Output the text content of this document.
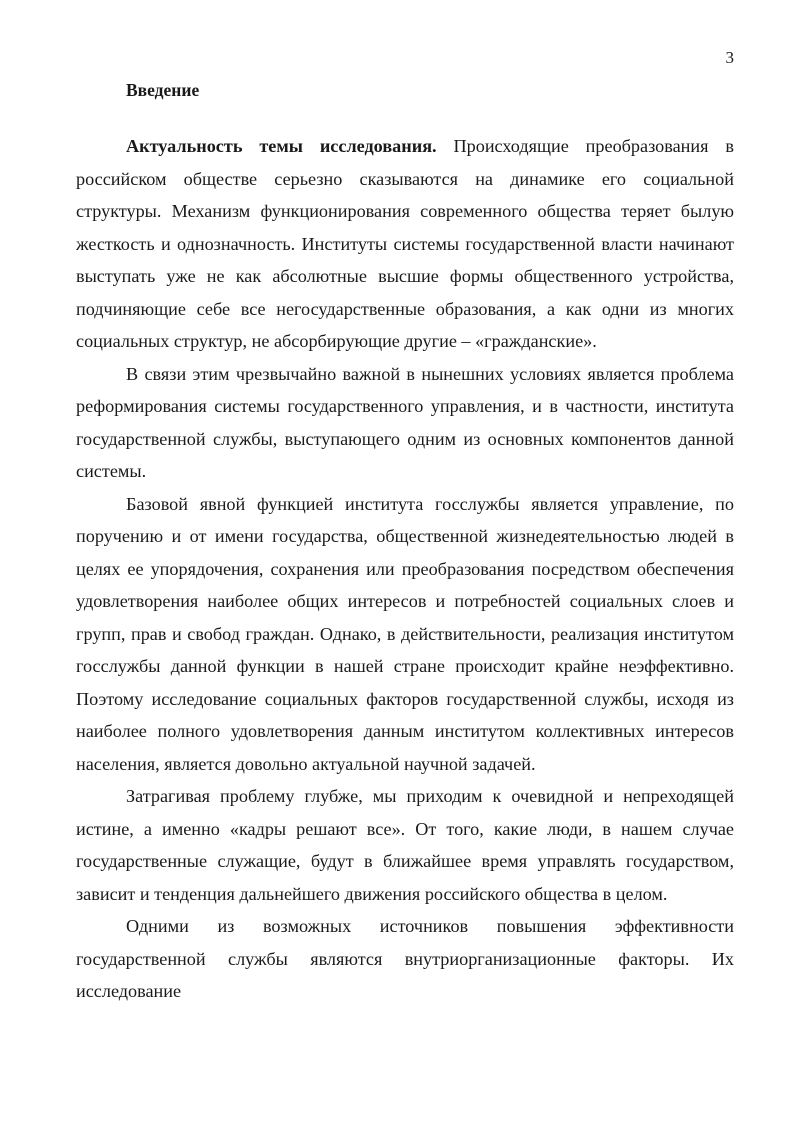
3
Введение

Актуальность темы исследования. Происходящие преобразования в российском обществе серьезно сказываются на динамике его социальной структуры. Механизм функционирования современного общества теряет былую жесткость и однозначность. Институты системы государственной власти начинают выступать уже не как абсолютные высшие формы общественного устройства, подчиняющие себе все негосударственные образования, а как одни из многих социальных структур, не абсорбирующие другие – «гражданские».

В связи этим чрезвычайно важной в нынешних условиях является проблема реформирования системы государственного управления, и в частности, института государственной службы, выступающего одним из основных компонентов данной системы.

Базовой явной функцией института госслужбы является управление, по поручению и от имени государства, общественной жизнедеятельностью людей в целях ее упорядочения, сохранения или преобразования посредством обеспечения удовлетворения наиболее общих интересов и потребностей социальных слоев и групп, прав и свобод граждан. Однако, в действительности, реализация институтом госслужбы данной функции в нашей стране происходит крайне неэффективно. Поэтому исследование социальных факторов государственной службы, исходя из наиболее полного удовлетворения данным институтом коллективных интересов населения, является довольно актуальной научной задачей.

Затрагивая проблему глубже, мы приходим к очевидной и непреходящей истине, а именно «кадры решают все». От того, какие люди, в нашем случае государственные служащие, будут в ближайшее время управлять государством, зависит и тенденция дальнейшего движения российского общества в целом.

Одними из возможных источников повышения эффективности государственной службы являются внутриорганизационные факторы. Их исследование
